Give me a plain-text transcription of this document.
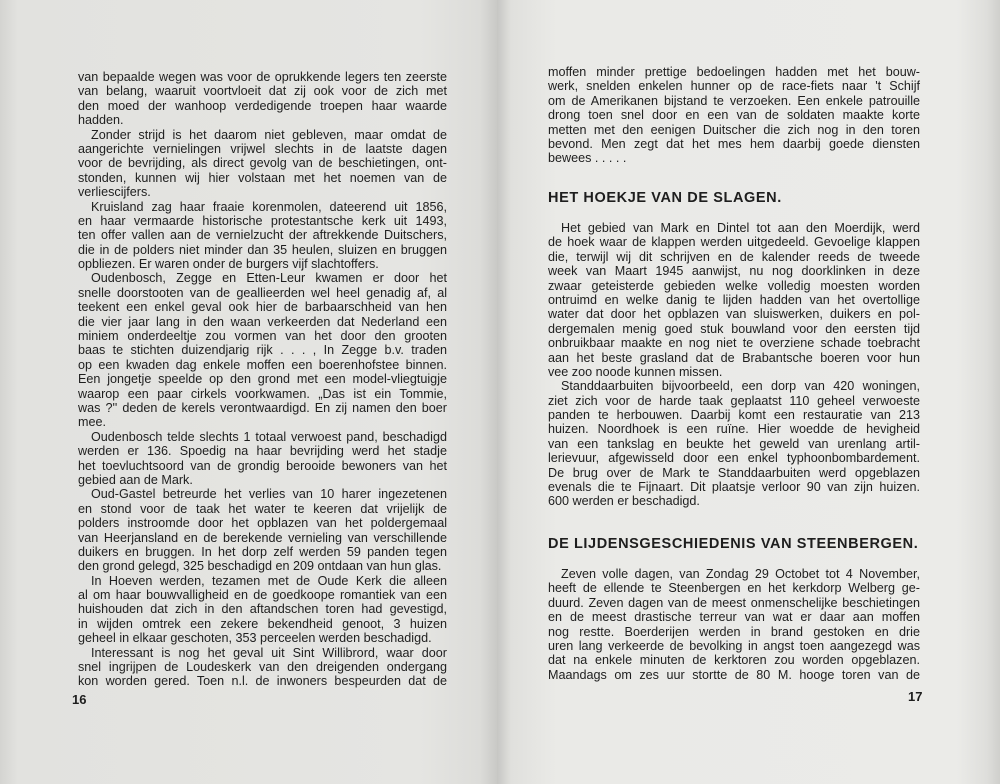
van bepaalde wegen was voor de oprukkende legers ten zeerste
van belang, waaruit voortvloeit dat zij ook voor de zich met
den moed der wanhoop verdedigende troepen haar waarde
hadden.
Zonder strijd is het daarom niet gebleven, maar omdat de
aangerichte vernielingen vrijwel slechts in de laatste dagen
voor de bevrijding, als direct gevolg van de beschietingen, ont-
stonden, kunnen wij hier volstaan met het noemen van de
verliescijfers.
Kruisland zag haar fraaie korenmolen, dateerend uit 1856,
en haar vermaarde historische protestantsche kerk uit 1493,
ten offer vallen aan de vernielzucht der aftrekkende Duitschers,
die in de polders niet minder dan 35 heulen, sluizen en bruggen
opbliezen. Er waren onder de burgers vijf slachtoffers.
Oudenbosch, Zegge en Etten-Leur kwamen er door het
snelle doorstooten van de geallieerden wel heel genadig af, al
teekent een enkel geval ook hier de barbaarschheid van hen
die vier jaar lang in den waan verkeerden dat Nederland een
miniem onderdeeltje zou vormen van het door den grooten
baas te stichten duizendjarig rijk . . . , In Zegge b.v. traden
op een kwaden dag enkele moffen een boerenhofstee binnen.
Een jongetje speelde op den grond met een model-vliegtuigje
waarop een paar cirkels voorkwamen. „Das ist ein Tommie,
was ?'' deden de kerels verontwaardigd. En zij namen den boer
mee.
Oudenbosch telde slechts 1 totaal verwoest pand, beschadigd
werden er 136. Spoedig na haar bevrijding werd het stadje
het toevluchtsoord van de grondig berooide bewoners van het
gebied aan de Mark.
Oud-Gastel betreurde het verlies van 10 harer ingezetenen
en stond voor de taak het water te keeren dat vrijelijk de
polders instroomde door het opblazen van het poldergemaal
van Heerjansland en de berekende vernieling van verschillende
duikers en bruggen. In het dorp zelf werden 59 panden tegen
den grond gelegd, 325 beschadigd en 209 ontdaan van hun glas.
In Hoeven werden, tezamen met de Oude Kerk die alleen
al om haar bouwvalligheid en de goedkoope romantiek van een
huishouden dat zich in den aftandschen toren had gevestigd,
in wijden omtrek een zekere bekendheid genoot, 3 huizen
geheel in elkaar geschoten, 353 perceelen werden beschadigd.
Interessant is nog het geval uit Sint Willibrord, waar door
snel ingrijpen de Loudeskerk van den dreigenden ondergang
kon worden gered. Toen n.l. de inwoners bespeurden dat de
16
moffen minder prettige bedoelingen hadden met het bouw-
werk, snelden enkelen hunner op de race-fiets naar 't Schijf
om de Amerikanen bijstand te verzoeken. Een enkele patrouille
drong toen snel door en een van de soldaten maakte korte
metten met den eenigen Duitscher die zich nog in den toren
bevond. Men zegt dat het mes hem daarbij goede diensten
bewees . . . . .
HET HOEKJE VAN DE SLAGEN.
Het gebied van Mark en Dintel tot aan den Moerdijk, werd
de hoek waar de klappen werden uitgedeeld. Gevoelige klappen
die, terwijl wij dit schrijven en de kalender reeds de tweede
week van Maart 1945 aanwijst, nu nog doorklinken in deze
zwaar geteisterde gebieden welke volledig moesten worden
ontruimd en welke danig te lijden hadden van het overtollige
water dat door het opblazen van sluiswerken, duikers en pol-
dergemalen menig goed stuk bouwland voor den eersten tijd
onbruikbaar maakte en nog niet te overziene schade toebracht
aan het beste grasland dat de Brabantsche boeren voor hun
vee zoo noode kunnen missen.
Standdaarbuiten bijvoorbeeld, een dorp van 420 woningen,
ziet zich voor de harde taak geplaatst 110 geheel verwoeste
panden te herbouwen. Daarbij komt een restauratie van 213
huizen. Noordhoek is een ruïne. Hier woedde de hevigheid
van een tankslag en beukte het geweld van urenlang artil-
lerievuur, afgewisseld door een enkel typhoonbombardement.
De brug over de Mark te Standdaarbuiten werd opgeblazen
evenals die te Fijnaart. Dit plaatsje verloor 90 van zijn huizen.
600 werden er beschadigd.
DE LIJDENSGESCHIEDENIS VAN STEENBERGEN.
Zeven volle dagen, van Zondag 29 Octobet tot 4 November,
heeft de ellende te Steenbergen en het kerkdorp Welberg ge-
duurd. Zeven dagen van de meest onmenschelijke beschietingen
en de meest drastische terreur van wat er daar aan moffen
nog restte. Boerderijen werden in brand gestoken en drie
uren lang verkeerde de bevolking in angst toen aangezegd was
dat na enkele minuten de kerktoren zou worden opgeblazen.
Maandags om zes uur stortte de 80 M. hooge toren van de
17
